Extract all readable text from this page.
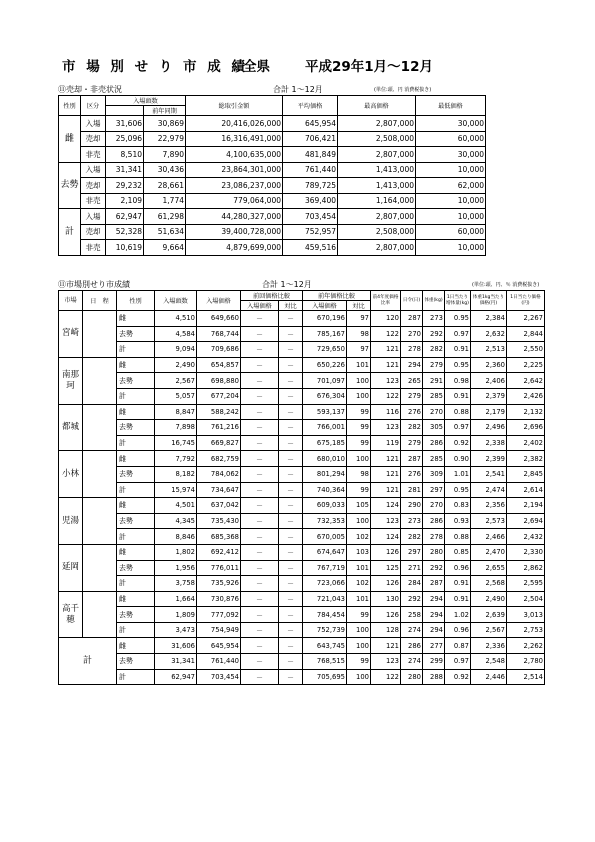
市 場 別 せ り 市 成 績
全県	平成29年1月～12月
⑪売却・非売状況	合計 1～12月	(単位:頭、円 消費税抜き)
性別	区分	入場頭数		総取引金額	平均価格	最高価格	最低価格
			前年同期				
雌	入場	31,606	30,869	20,416,026,000	645,954	2,807,000	30,000
	売却	25,096	22,979	16,316,491,000	706,421	2,508,000	60,000
	非売	8,510	7,890	4,100,635,000	481,849	2,807,000	30,000
去勢	入場	31,341	30,436	23,864,301,000	761,440	1,413,000	10,000
	売却	29,232	28,661	23,086,237,000	789,725	1,413,000	62,000
	非売	2,109	1,774	779,064,000	369,400	1,164,000	10,000
計	入場	62,947	61,298	44,280,327,000	703,454	2,807,000	10,000
	売却	52,328	51,634	39,400,728,000	752,957	2,508,000	60,000
	非売	10,619	9,664	4,879,699,000	459,516	2,807,000	10,000
⑪市場別せり市成績	合計 1～12月	(単位:頭、円、％ 消費税抜き)
市場	日　程	性別	入場頭数	入場価格	前回価格比較		前年価格比較		前4年度価格比率	日令(日)	体重(kg)	1日当たり増体量(kg)	体重1kg当たり価格(円)	1日当たり価格(円)
					入場価格	対比	入場価格	対比						
宮崎		雌	4,510	649,660	－	－	670,196	97	120	287	273	0.95	2,384	2,267
		去勢	4,584	768,744	－	－	785,167	98	122	270	292	0.97	2,632	2,844
		計	9,094	709,686	－	－	729,650	97	121	278	282	0.91	2,513	2,550
南那珂		雌	2,490	654,857	－	－	650,226	101	121	294	279	0.95	2,360	2,225
		去勢	2,567	698,880	－	－	701,097	100	123	265	291	0.98	2,406	2,642
		計	5,057	677,204	－	－	676,304	100	122	279	285	0.91	2,379	2,426
都城		雌	8,847	588,242	－	－	593,137	99	116	276	270	0.88	2,179	2,132
		去勢	7,898	761,216	－	－	766,001	99	123	282	305	0.97	2,496	2,696
		計	16,745	669,827	－	－	675,185	99	119	279	286	0.92	2,338	2,402
小林		雌	7,792	682,759	－	－	680,010	100	121	287	285	0.90	2,399	2,382
		去勢	8,182	784,062	－	－	801,294	98	121	276	309	1.01	2,541	2,845
		計	15,974	734,647	－	－	740,364	99	121	281	297	0.95	2,474	2,614
児湯		雌	4,501	637,042	－	－	609,033	105	124	290	270	0.83	2,356	2,194
		去勢	4,345	735,430	－	－	732,353	100	123	273	286	0.93	2,573	2,694
		計	8,846	685,368	－	－	670,005	102	124	282	278	0.88	2,466	2,432
延岡		雌	1,802	692,412	－	－	674,647	103	126	297	280	0.85	2,470	2,330
		去勢	1,956	776,011	－	－	767,719	101	125	271	292	0.96	2,655	2,862
		計	3,758	735,926	－	－	723,066	102	126	284	287	0.91	2,568	2,595
高千穂		雌	1,664	730,876	－	－	721,043	101	130	292	294	0.91	2,490	2,504
		去勢	1,809	777,092	－	－	784,454	99	126	258	294	1.02	2,639	3,013
		計	3,473	754,949	－	－	752,739	100	128	274	294	0.96	2,567	2,753
計		雌	31,606	645,954	－	－	643,745	100	121	286	277	0.87	2,336	2,262
		去勢	31,341	761,440	－	－	768,515	99	123	274	299	0.97	2,548	2,780
		計	62,947	703,454	－	－	705,695	100	122	280	288	0.92	2,446	2,514
